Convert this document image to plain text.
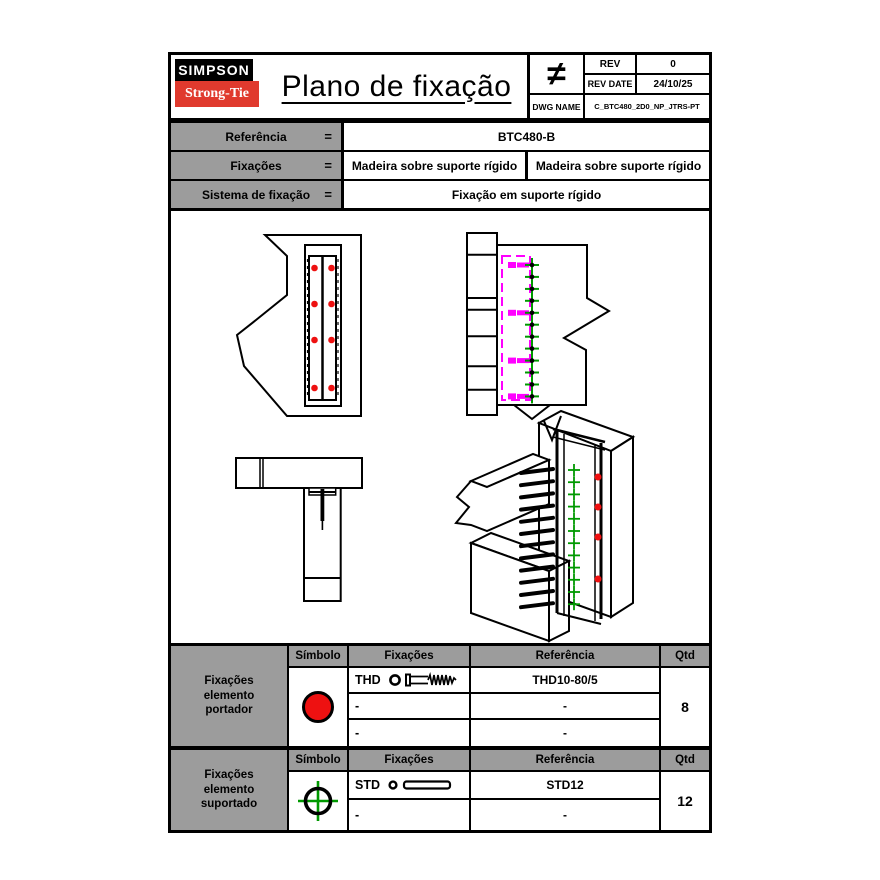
SIMPSON
Strong-Tie	Plano de fixação	≠	REV	0
REV DATE	24/10/25
DWG NAME	C_BTC480_2D0_NP_JTRS-PT
Referência	=	BTC480-B
Fixações	=	Madeira sobre suporte rígido	Madeira sobre suporte rígido
Sistema de fixação =	Fixação em suporte rígido
Fixações elemento portador
Símbolo	Fixações	Referência	Qtd
THD	THD10-80/5
-	-
-	-
8
Fixações elemento suportado
Símbolo	Fixações	Referência	Qtd
STD	STD12
-	-
12
